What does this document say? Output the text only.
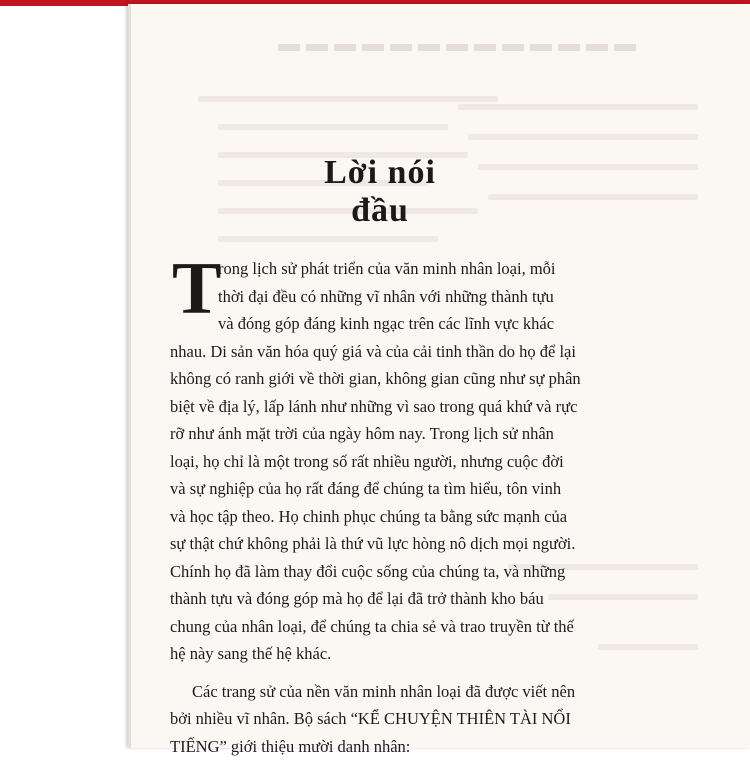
Lời nói đầu
T
rong lịch sử phát triển của văn minh nhân loại, mỗi
thời đại đều có những vĩ nhân với những thành tựu
và đóng góp đáng kinh ngạc trên các lĩnh vực khác
nhau. Di sản văn hóa quý giá và của cải tinh thần do họ để lại
không có ranh giới về thời gian, không gian cũng như sự phân
biệt về địa lý, lấp lánh như những vì sao trong quá khứ và rực
rỡ như ánh mặt trời của ngày hôm nay. Trong lịch sử nhân
loại, họ chỉ là một trong số rất nhiều người, nhưng cuộc đời
và sự nghiệp của họ rất đáng để chúng ta tìm hiểu, tôn vinh
và học tập theo. Họ chinh phục chúng ta bằng sức mạnh của
sự thật chứ không phải là thứ vũ lực hòng nô dịch mọi người.
Chính họ đã làm thay đổi cuộc sống của chúng ta, và những
thành tựu và đóng góp mà họ để lại đã trở thành kho báu
chung của nhân loại, để chúng ta chia sẻ và trao truyền từ thế
hệ này sang thế hệ khác.
Các trang sử của nền văn minh nhân loại đã được viết nên
bởi nhiều vĩ nhân. Bộ sách “KỂ CHUYỆN THIÊN TÀI NỔI
TIẾNG” giới thiệu mười danh nhân:
